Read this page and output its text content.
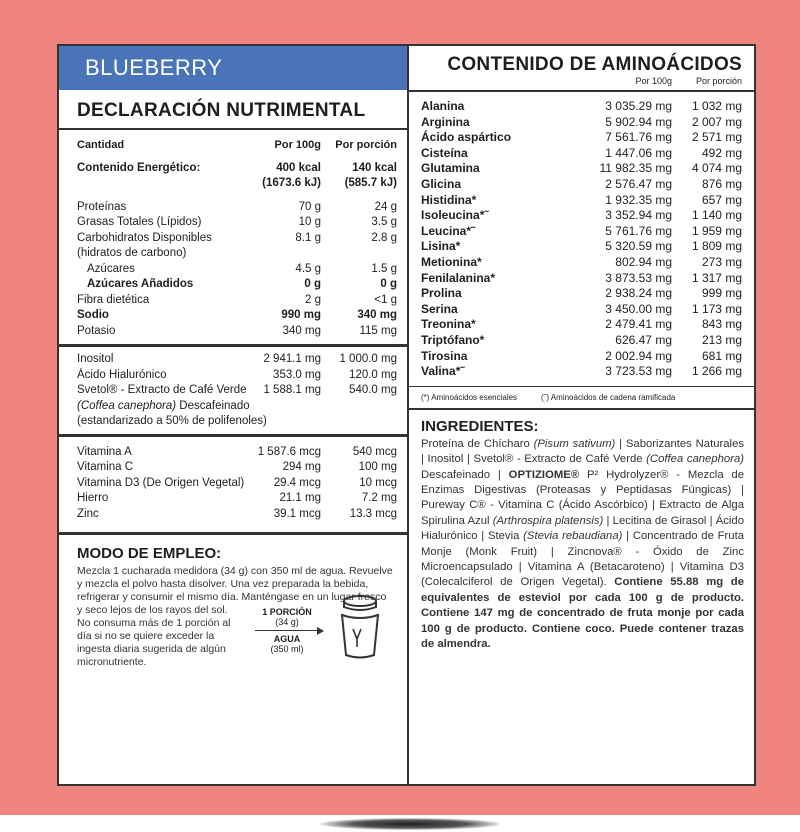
BLUEBERRY
DECLARACIÓN NUTRIMENTAL
Cantidad	Por 100g	Por porción
Contenido Energético:	400 kcal	140 kcal
(1673.6 kJ)	(585.7 kJ)
Proteínas	70 g	24 g
Grasas Totales (Lípidos)	10 g	3.5 g
Carbohidratos Disponibles	8.1 g	2.8 g
(hidratos de carbono)
Azúcares	4.5 g	1.5 g
Azúcares Añadidos	0 g	0 g
Fibra dietética	2 g	<1 g
Sodio	990 mg	340 mg
Potasio	340 mg	115 mg
Inositol	2 941.1 mg	1 000.0 mg
Ácido Hialurónico	353.0 mg	120.0 mg
Svetol® - Extracto de Café Verde	1 588.1 mg	540.0 mg
(Coffea canephora) Descafeinado
(estandarizado a 50% de polifenoles)
Vitamina A	1 587.6 mcg	540 mcg
Vitamina C	294 mg	100 mg
Vitamina D3 (De Origen Vegetal)	29.4 mcg	10 mcg
Hierro	21.1 mg	7.2 mg
Zinc	39.1 mcg	13.3 mcg
MODO DE EMPLEO:
Mezcla 1 cucharada medidora (34 g) con 350 ml de agua. Revuelve y mezcla el polvo hasta disolver. Una vez preparada la bebida, refrigerar y consumir el mismo día. Manténgase en un lugar fresco
y seco lejos de los rayos del sol. No consuma más de 1 porción al día si no se quiere exceder la ingesta diaria sugerida de algún micronutriente.
1 PORCIÓN
(34 g)
AGUA
(350 ml)
CONTENIDO DE AMINOÁCIDOS
Por 100g	Por porción
Alanina	3 035.29 mg	1 032 mg
Arginina	5 902.94 mg	2 007 mg
Ácido aspártico	7 561.76 mg	2 571 mg
Cisteína	1 447.06 mg	492 mg
Glutamina	11 982.35 mg	4 074 mg
Glicina	2 576.47 mg	876 mg
Histidina*	1 932.35 mg	657 mg
Isoleucina*˜	3 352.94 mg	1 140 mg
Leucina*˜	5 761.76 mg	1 959 mg
Lisina*	5 320.59 mg	1 809 mg
Metionina*	802.94 mg	273 mg
Fenilalanina*	3 873.53 mg	1 317 mg
Prolina	2 938.24 mg	999 mg
Serina	3 450.00 mg	1 173 mg
Treonina*	2 479.41 mg	843 mg
Triptófano*	626.47 mg	213 mg
Tirosina	2 002.94 mg	681 mg
Valina*˜	3 723.53 mg	1 266 mg
(*) Aminoácidos esenciales	(˜) Aminoácidos de cadena ramificada
INGREDIENTES:
Proteína de Chícharo (Pisum sativum) | Saborizantes Naturales | Inositol | Svetol® - Extracto de Café Verde (Coffea canephora) Descafeinado | OPTIZIOME® P² Hydrolyzer® - Mezcla de Enzimas Digestivas (Proteasas y Peptidasas Fúngicas) | Pureway C® - Vitamina C (Ácido Ascórbico) | Extracto de Alga Spirulina Azul (Arthrospira platensis) | Lecitina de Girasol | Ácido Hialurónico | Stevia (Stevia rebaudiana) | Concentrado de Fruta Monje (Monk Fruit) | Zincnova® - Óxido de Zinc Microencapsulado | Vitamina A (Betacaroteno) | Vitamina D3 (Colecalciferol de Origen Vegetal). Contiene 55.88 mg de equivalentes de esteviol por cada 100 g de producto. Contiene 147 mg de concentrado de fruta monje por cada 100 g de producto. Contiene coco. Puede contener trazas de almendra.
